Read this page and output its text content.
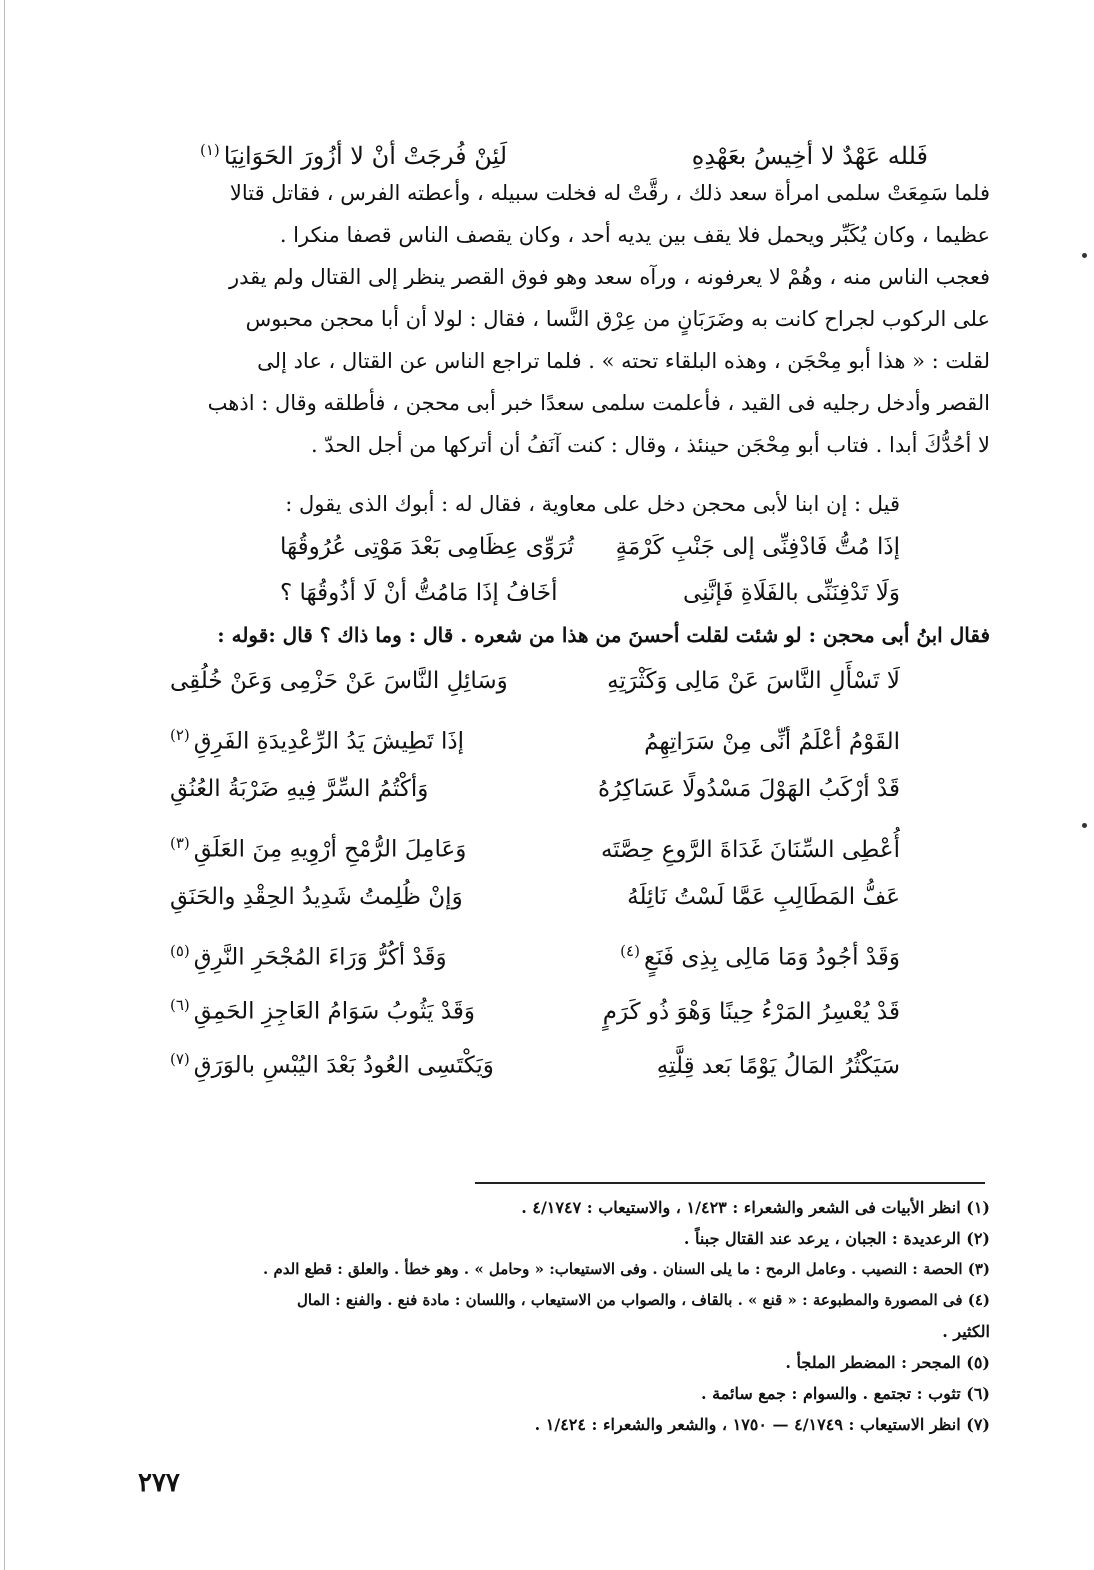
فَلله عَهْدٌ لا أخِيسُ بعَهْدِهِ
لَئِنْ فُرجَتْ أنْ لا أزُورَ الحَوَانِيَا$^{(١)}$

فلما سَمِعَتْ سلمى امرأة سعد ذلك ، رقَّتْ له فخلت سبيله ، وأعطته الفرس ، فقاتل قتالا

عظيما ، وكان يُكَبِّر ويحمل فلا يقف بين يديه أحد ، وكان يقصف الناس قصفا منكرا .

فعجب الناس منه ، وهُمْ لا يعرفونه ، ورآه سعد وهو فوق القصر ينظر إلى القتال ولم يقدر

على الركوب لجراح كانت به وضَرَبَانٍ من عِرْق النَّسا ، فقال : لولا أن أبا محجن محبوس

لقلت : « هذا أبو مِحْجَن ، وهذه البلقاء تحته » . فلما تراجع الناس عن القتال ، عاد إلى

القصر وأدخل رجليه فى القيد ، فأعلمت سلمى سعدًا خبر أبى محجن ، فأطلقه وقال : اذهب

لا أحُدُّكَ أبدا . فتاب أبو مِحْجَن حينئذ ، وقال : كنت آنَفُ أن أتركها من أجل الحدّ .

قيل : إن ابنا لأبى محجن دخل على معاوية ، فقال له : أبوك الذى يقول :

إذَا مُتُّ فَادْفِنِّى إلى جَنْبِ كَرْمَةٍ
تُرَوِّى عِظَامِى بَعْدَ مَوْتِى عُرُوقُهَا
وَلَا تَدْفِنَنِّى بالفَلَاةِ فَإنَّنِى
أخَافُ إذَا مَامُتُّ أنْ لَا أذُوقُهَا ؟

فقال ابنُ أبى محجن : لو شئت لقلت أحسنَ من هذا من شعره . قال : وما ذاك ؟ قال :قوله :

لَا تَسْأَلِ النَّاسَ عَنْ مَالِى وَكَثْرَتِهِ
وَسَائِلِ النَّاسَ عَنْ حَزْمِى وَعَنْ خُلُقِى
القَوْمُ أعْلَمُ أنِّى مِنْ سَرَاتِهِمُ
إذَا تَطِيشَ يَدُ الرِّعْدِيدَةِ الفَرِقِ$^{(٢)}$
قَدْ أرْكَبُ الهَوْلَ مَسْدُولًا عَسَاكِرُهُ
وَأكْتُمُ السِّرَّ فِيهِ ضَرْبَةُ العُنُقِ
أُعْطِى السِّنَانَ غَدَاةَ الرَّوعِ حِصَّتَه
وَعَامِلَ الرُّمْحِ أرْوِيهِ مِنَ العَلَقِ$^{(٣)}$
عَفُّ المَطَالِبِ عَمَّا لَسْتُ نَائِلَهُ
وَإنْ ظُلِمتُ شَدِيدُ الحِقْدِ والحَنَقِ
وَقَدْ أجُودُ وَمَا مَالِى بِذِى فَنَعٍ$^{(٤)}$
وَقَدْ أكُرُّ وَرَاءَ المُجْحَرِ النَّرِقِ$^{(٥)}$
قَدْ يُعْسِرُ المَرْءُ حِينًا وَهْوَ ذُو كَرَمٍ
وَقَدْ يَثُوبُ سَوَامُ العَاجِزِ الحَمِقِ$^{(٦)}$
سَيَكْثُرُ المَالُ يَوْمًا بَعد قِلَّتِهِ
وَيَكْتَسِى العُودُ بَعْدَ اليُبْسِ بالوَرَقِ$^{(٧)}$

(١) انظر الأبيات فى الشعر والشعراء : ١/٤٢٣ ، والاستيعاب : ٤/١٧٤٧ .

(٢) الرعديدة : الجبان ، يرعد عند القتال جبناً .

(٣) الحصة : النصيب . وعامل الرمح : ما يلى السنان . وفى الاستيعاب: « وحامل » . وهو خطأ . والعلق : قطع الدم .

(٤) فى المصورة والمطبوعة : « قنع » . بالقاف ، والصواب من الاستيعاب ، واللسان : مادة فنع . والفنع : المال

الكثير .

(٥) المجحر : المضطر الملجأ .

(٦) تثوب : تجتمع . والسوام : جمع سائمة .

(٧) انظر الاستيعاب : ٤/١٧٤٩ — ١٧٥٠ ، والشعر والشعراء : ١/٤٢٤ .

٢٧٧
